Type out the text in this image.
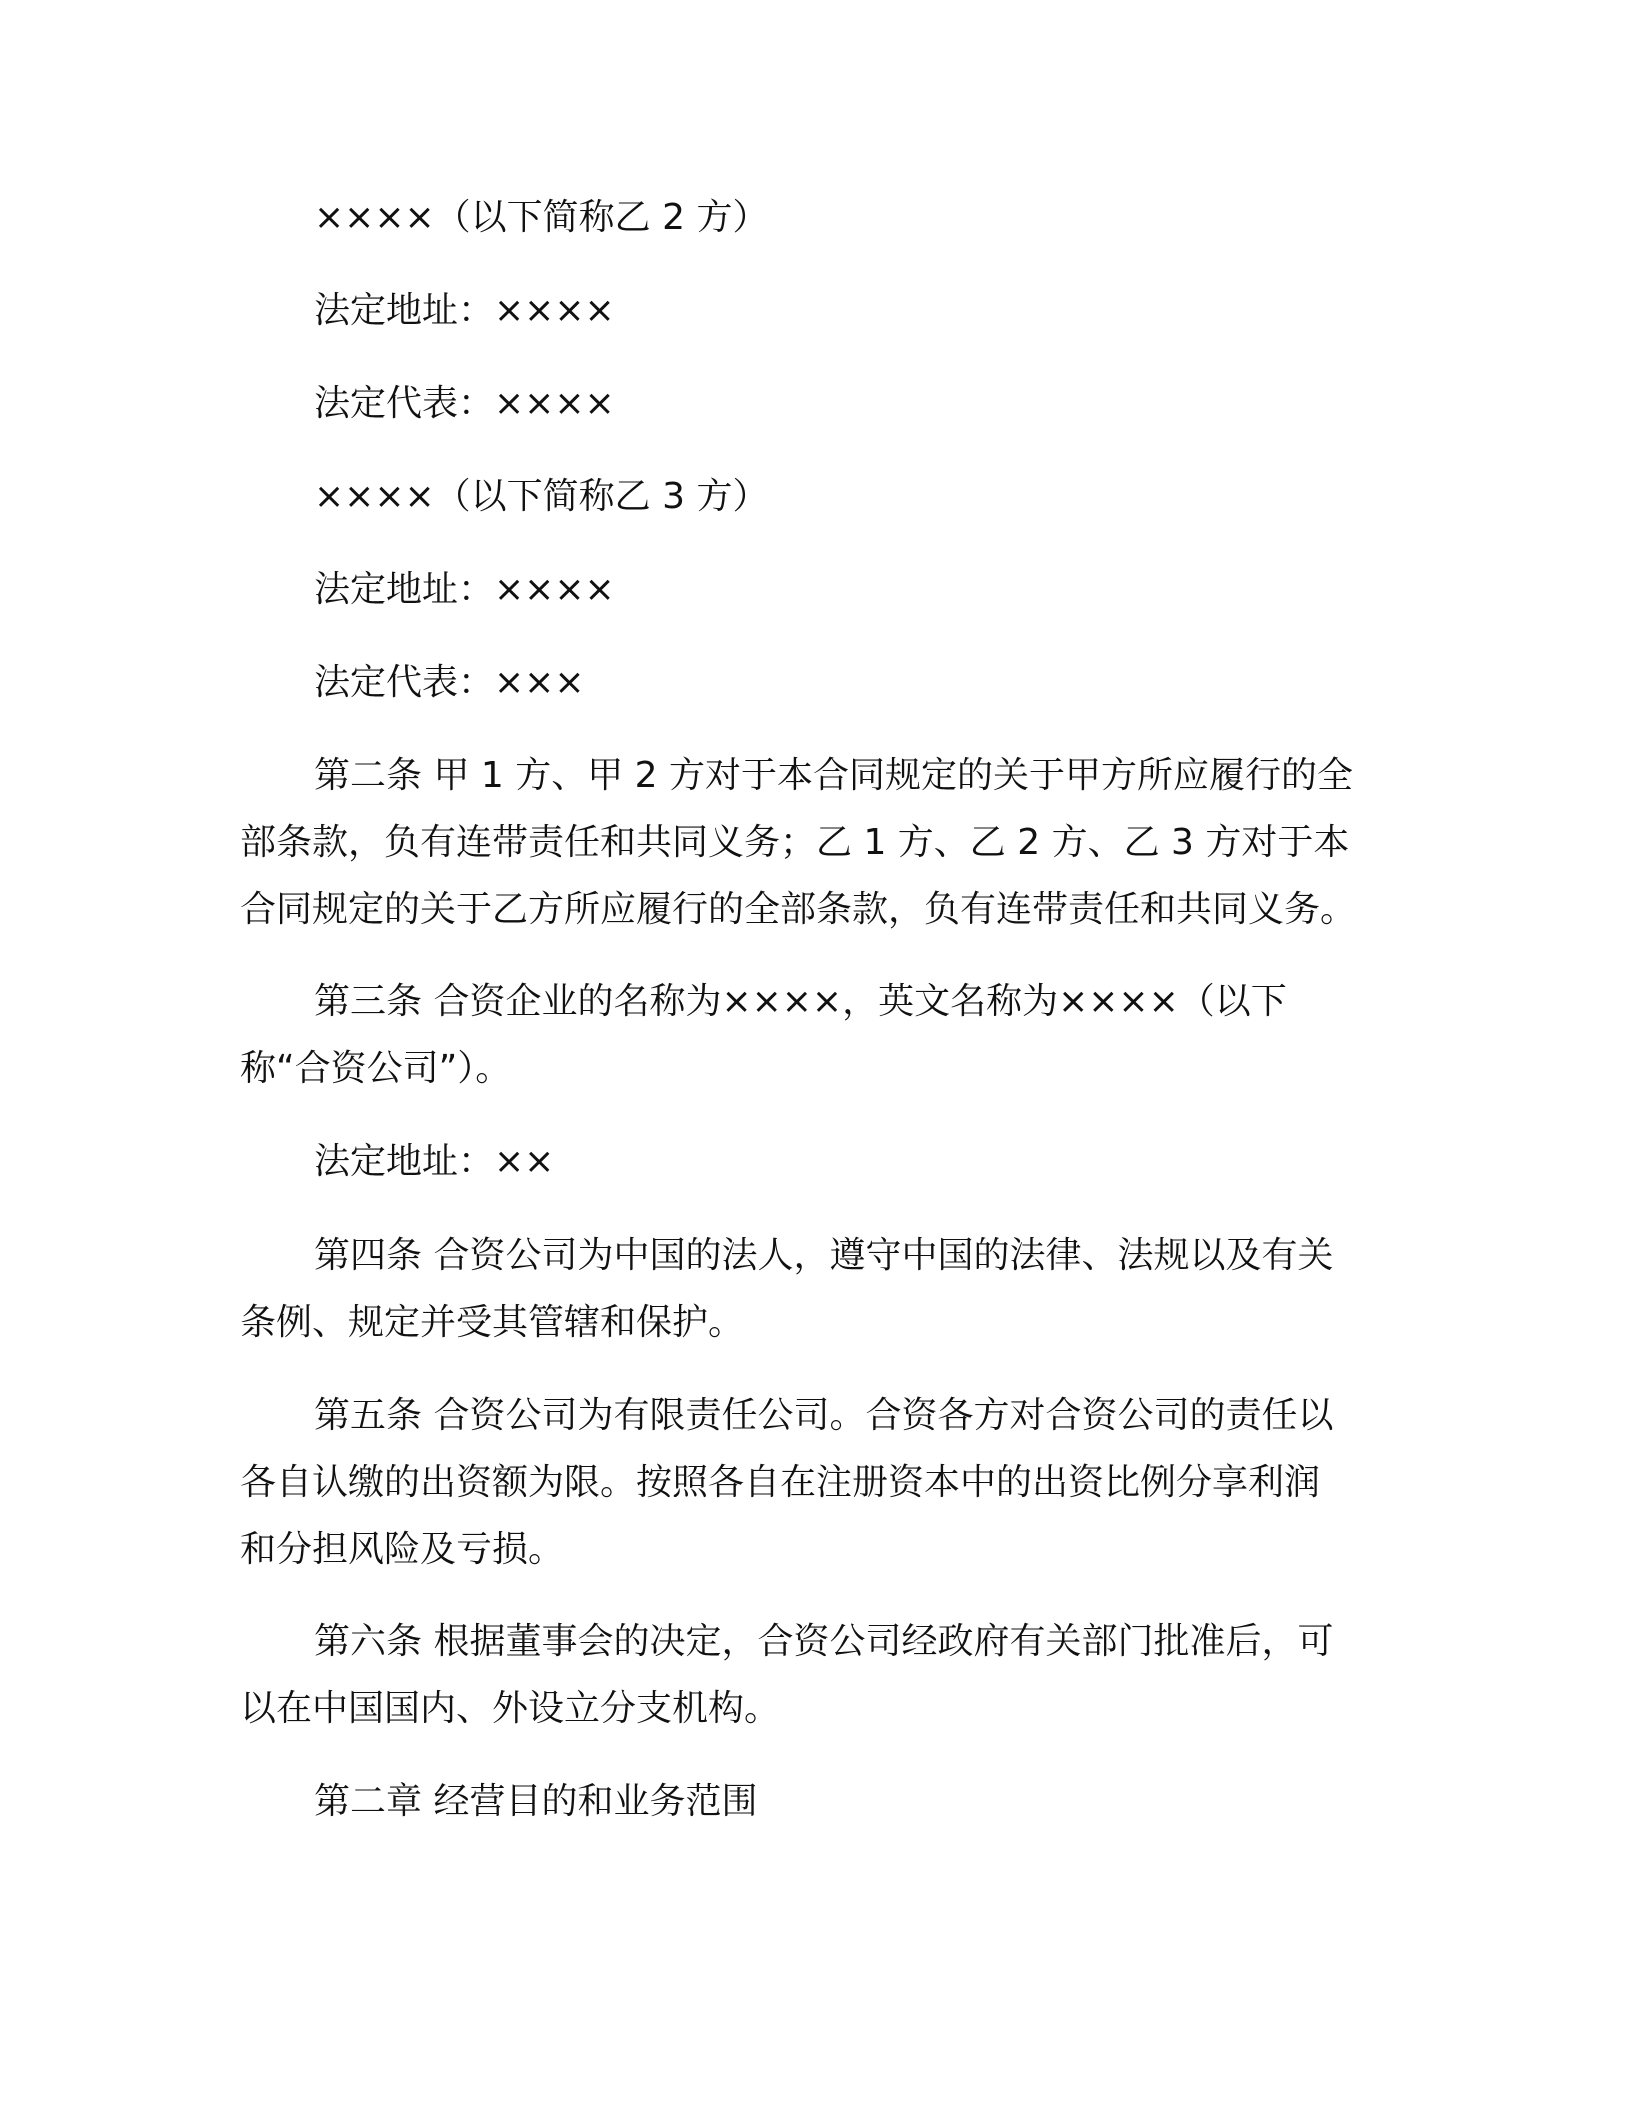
××××（以下简称乙 2 方）

法定地址：××××

法定代表：××××

××××（以下简称乙 3 方）

法定地址：××××

法定代表：×××

第二条 甲 1 方、甲 2 方对于本合同规定的关于甲方所应履行的全
部条款，负有连带责任和共同义务；乙 1 方、乙 2 方、乙 3 方对于本
合同规定的关于乙方所应履行的全部条款，负有连带责任和共同义务。

第三条 合资企业的名称为××××，英文名称为××××（以下
称“合资公司”）。

法定地址：××

第四条 合资公司为中国的法人，遵守中国的法律、法规以及有关
条例、规定并受其管辖和保护。

第五条 合资公司为有限责任公司。合资各方对合资公司的责任以
各自认缴的出资额为限。按照各自在注册资本中的出资比例分享利润
和分担风险及亏损。

第六条 根据董事会的决定，合资公司经政府有关部门批准后，可
以在中国国内、外设立分支机构。

第二章 经营目的和业务范围
